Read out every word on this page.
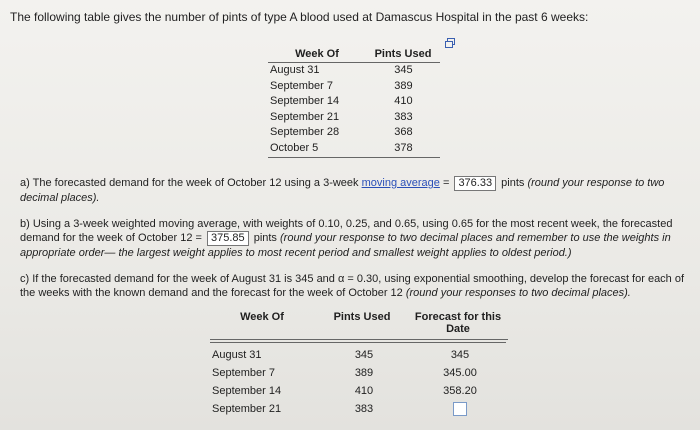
The following table gives the number of pints of type A blood used at Damascus Hospital in the past 6 weeks:
Week Of	Pints Used
August 31	345
September 7	389
September 14	410
September 21	383
September 28	368
October 5	378
a) The forecasted demand for the week of October 12 using a 3-week moving average = 376.33 pints (round your response to two decimal places).
b) Using a 3-week weighted moving average, with weights of 0.10, 0.25, and 0.65, using 0.65 for the most recent week, the forecasted demand for the week of October 12 = 375.85 pints (round your response to two decimal places and remember to use the weights in appropriate order— the largest weight applies to most recent period and smallest weight applies to oldest period.)
c) If the forecasted demand for the week of August 31 is 345 and α = 0.30, using exponential smoothing, develop the forecast for each of the weeks with the known demand and the forecast for the week of October 12 (round your responses to two decimal places).
Week Of	Pints Used	Forecast for this Date
August 31	345	345
September 7	389	345.00
September 14	410	358.20
September 21	383
